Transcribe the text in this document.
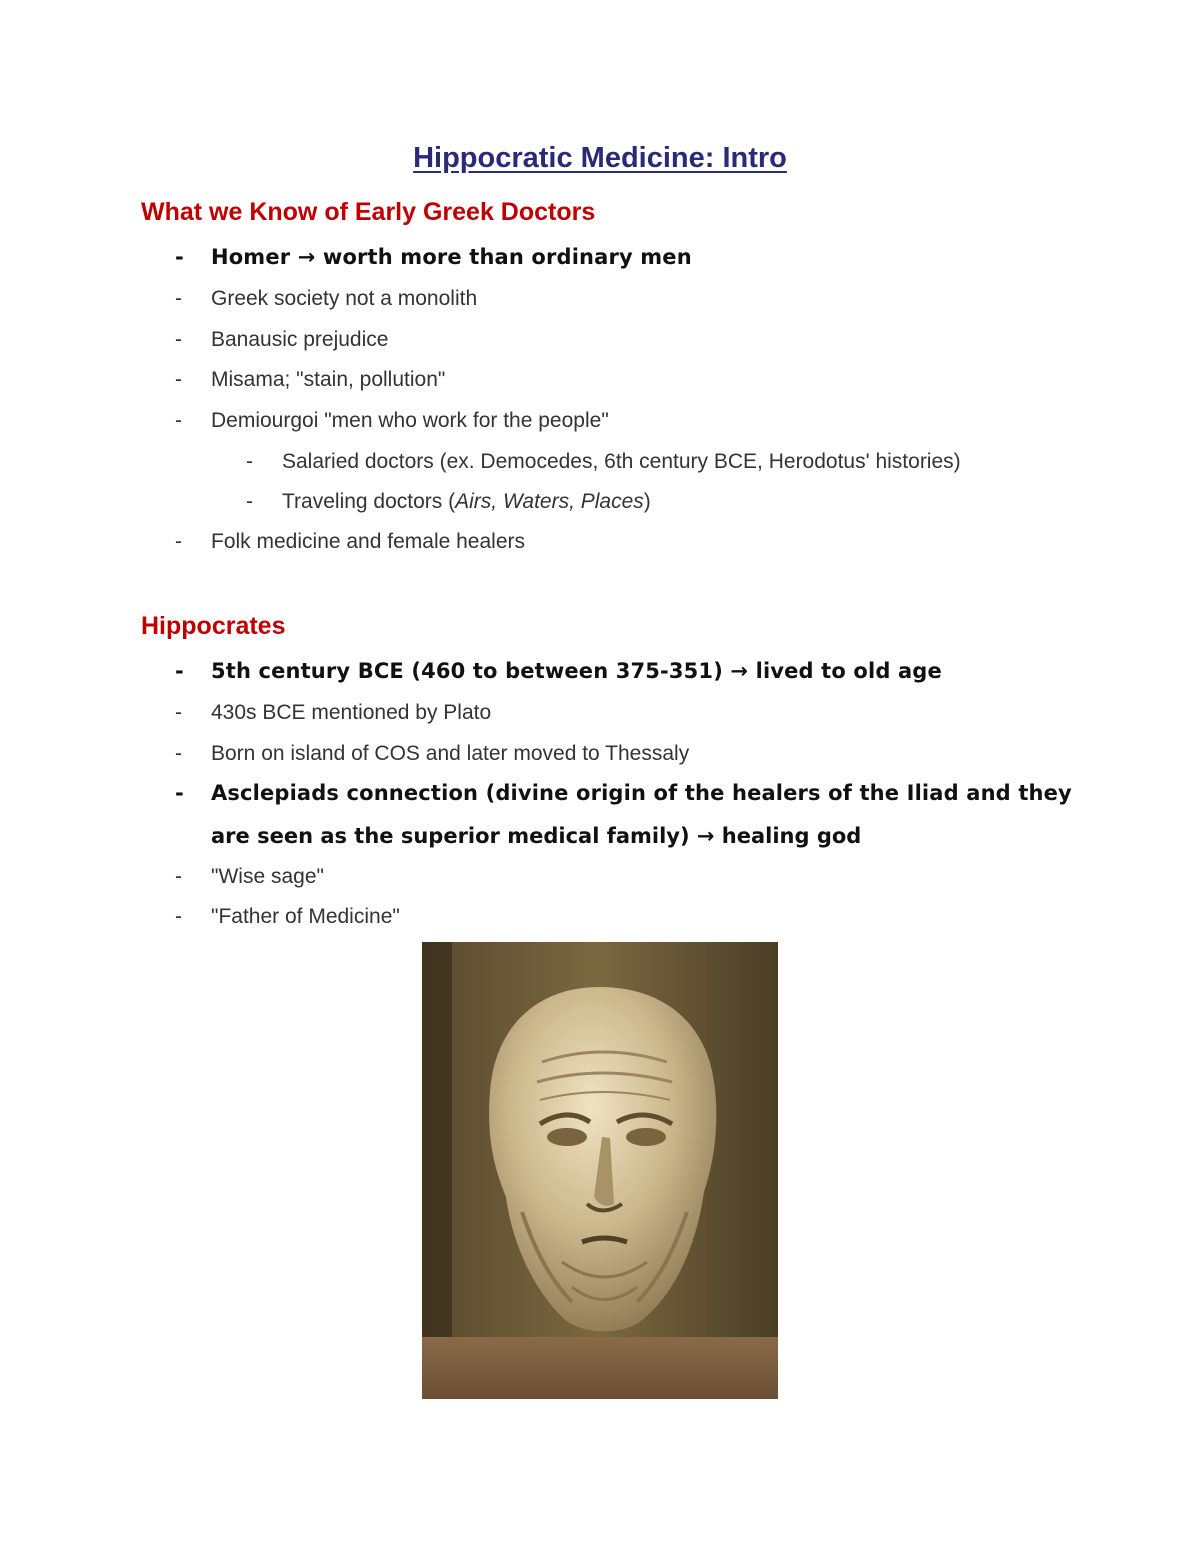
Hippocratic Medicine: Intro
What we Know of Early Greek Doctors
- Homer → worth more than ordinary men
- Greek society not a monolith
- Banausic prejudice
- Misama; "stain, pollution"
- Demiourgoi "men who work for the people"
- Salaried doctors (ex. Democedes, 6th century BCE, Herodotus' histories)
- Traveling doctors (Airs, Waters, Places)
- Folk medicine and female healers
Hippocrates
- 5th century BCE (460 to between 375-351) → lived to old age
- 430s BCE mentioned by Plato
- Born on island of COS and later moved to Thessaly
- Asclepiads connection (divine origin of the healers of the Iliad and they
are seen as the superior medical family) → healing god
- "Wise sage"
- "Father of Medicine"
